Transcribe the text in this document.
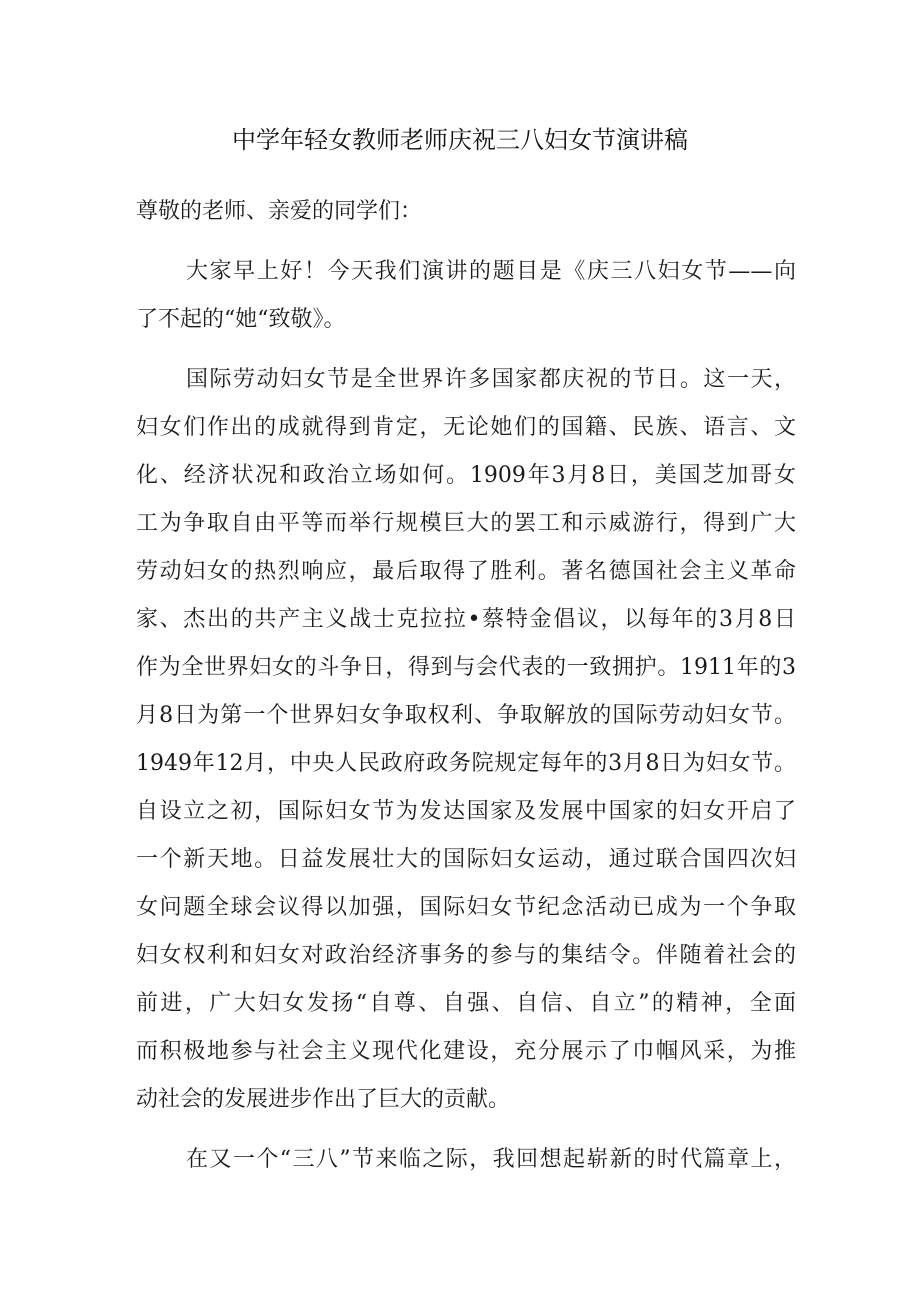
中学年轻女教师老师庆祝三八妇女节演讲稿
尊敬的老师、亲爱的同学们：
大家早上好！今天我们演讲的题目是《庆三八妇女节——向
了不起的“她“致敬》。
国际劳动妇女节是全世界许多国家都庆祝的节日。这一天，
妇女们作出的成就得到肯定，无论她们的国籍、民族、语言、文
化、经济状况和政治立场如何。1909年3月8日，美国芝加哥女
工为争取自由平等而举行规模巨大的罢工和示威游行，得到广大
劳动妇女的热烈响应，最后取得了胜利。著名德国社会主义革命
家、杰出的共产主义战士克拉拉•蔡特金倡议，以每年的3月8日
作为全世界妇女的斗争日，得到与会代表的一致拥护。1911年的3
月8日为第一个世界妇女争取权利、争取解放的国际劳动妇女节。
1949年12月，中央人民政府政务院规定每年的3月8日为妇女节。
自设立之初，国际妇女节为发达国家及发展中国家的妇女开启了
一个新天地。日益发展壮大的国际妇女运动，通过联合国四次妇
女问题全球会议得以加强，国际妇女节纪念活动已成为一个争取
妇女权利和妇女对政治经济事务的参与的集结令。伴随着社会的
前进，广大妇女发扬“自尊、自强、自信、自立”的精神，全面
而积极地参与社会主义现代化建设，充分展示了巾帼风采，为推
动社会的发展进步作出了巨大的贡献。
在又一个“三八”节来临之际，我回想起崭新的时代篇章上，
